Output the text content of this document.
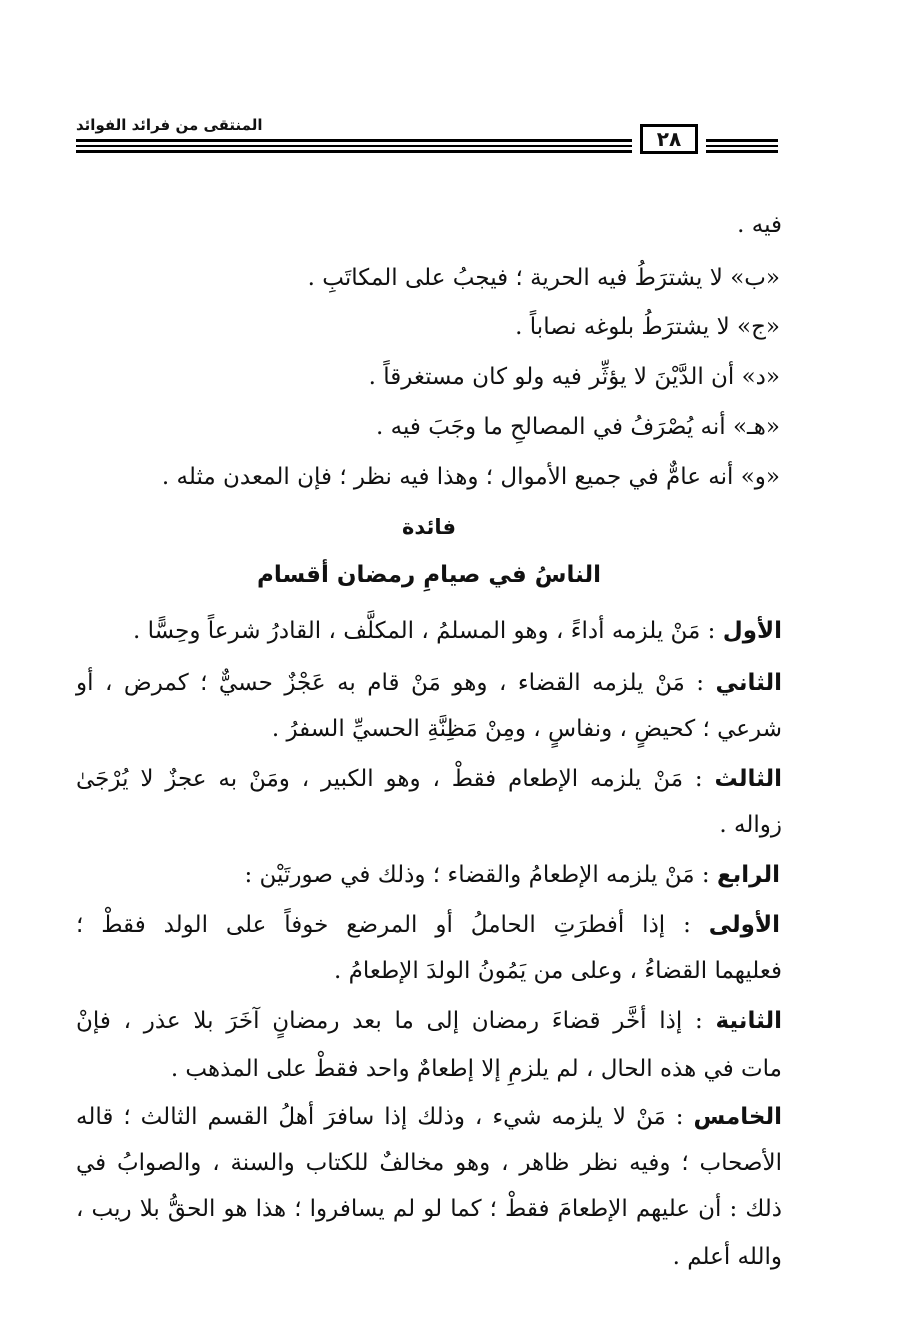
المنتقى من فرائد الفوائد
٢٨
فيه .
«ب» لا يشترَطُ فيه الحرية ؛ فيجبُ على المكاتَبِ .
«ج» لا يشترَطُ بلوغه نصاباً .
«د» أن الدَّيْنَ لا يؤثِّر فيه ولو كان مستغرقاً .
«هـ» أنه يُصْرَفُ في المصالحِ ما وجَبَ فيه .
«و» أنه عامٌّ في جميع الأموال ؛ وهذا فيه نظر ؛ فإن المعدن مثله .
فائدة
الناسُ في صيامِ رمضان أقسام
الأول : مَنْ يلزمه أداءً ، وهو المسلمُ ، المكلَّف ، القادرُ شرعاً وحِسًّا .
الثاني : مَنْ يلزمه القضاء ، وهو مَنْ قام به عَجْزٌ حسيٌّ ؛ كمرض ، أو
شرعي ؛ كحيضٍ ، ونفاسٍ ، ومِنْ مَظِنَّةِ الحسيِّ السفرُ .
الثالث : مَنْ يلزمه الإطعام فقطْ ، وهو الكبير ، ومَنْ به عجزٌ لا يُرْجَىٰ
زواله .
الرابع : مَنْ يلزمه الإطعامُ والقضاء ؛ وذلك في صورتَيْن :
الأولى : إذا أفطرَتِ الحاملُ أو المرضع خوفاً على الولد فقطْ ؛
فعليهما القضاءُ ، وعلى من يَمُونُ الولدَ الإطعامُ .
الثانية : إذا أخَّر قضاءَ رمضان إلى ما بعد رمضانٍ آخَرَ بلا عذر ، فإنْ
مات في هذه الحال ، لم يلزمِ إلا إطعامٌ واحد فقطْ على المذهب .
الخامس : مَنْ لا يلزمه شيء ، وذلك إذا سافرَ أهلُ القسم الثالث ؛ قاله
الأصحاب ؛ وفيه نظر ظاهر ، وهو مخالفٌ للكتاب والسنة ، والصوابُ في
ذلك : أن عليهم الإطعامَ فقطْ ؛ كما لو لم يسافروا ؛ هذا هو الحقُّ بلا ريب ،
والله أعلم .
